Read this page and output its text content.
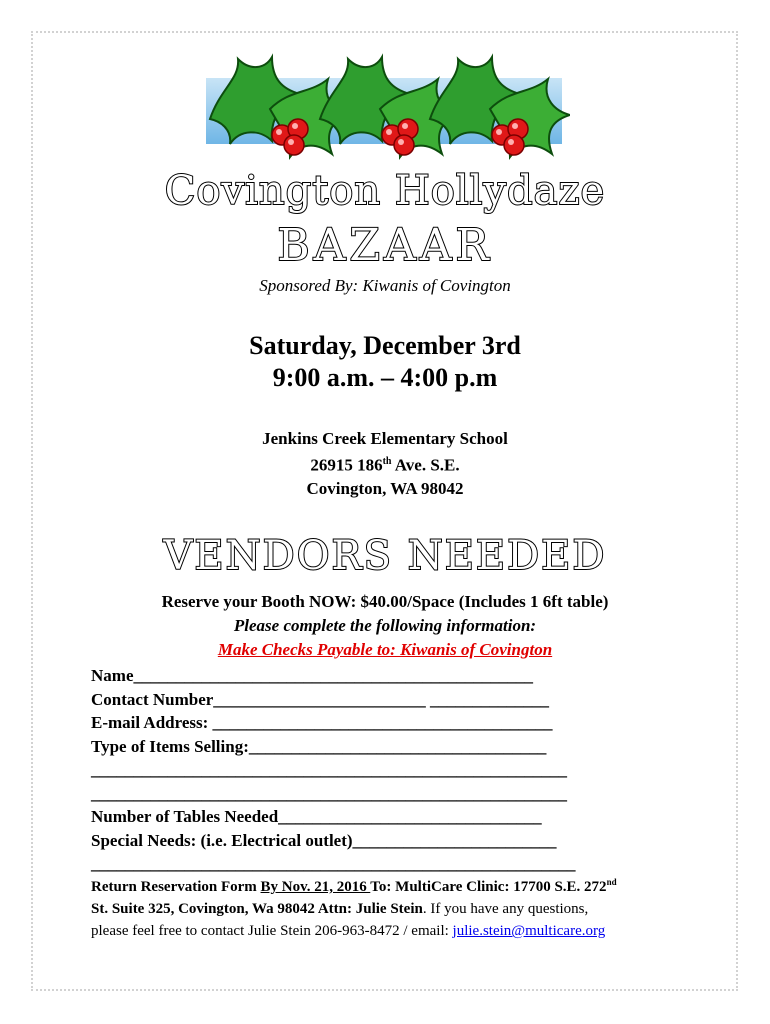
Covington Hollydaze
BAZAAR
Sponsored By: Kiwanis of Covington
Saturday, December 3rd
9:00 a.m. – 4:00 p.m
Jenkins Creek Elementary School
26915 186th Ave. S.E.
Covington, WA 98042
VENDORS NEEDED
Reserve your Booth NOW: $40.00/Space (Includes 1 6ft table)
Please complete the following information:
Make Checks Payable to: Kiwanis of Covington
Name_______________________________________________
Contact Number_________________________ ______________
E-mail Address: ________________________________________
Type of Items Selling:___________________________________
________________________________________________________
________________________________________________________
Number of Tables Needed_______________________________
Special Needs: (i.e. Electrical outlet)________________________
_________________________________________________________
Return Reservation Form By Nov. 21, 2016 To: MultiCare Clinic: 17700 S.E. 272nd
St. Suite 325, Covington, Wa 98042 Attn: Julie Stein. If you have any questions,
please feel free to contact Julie Stein 206-963-8472 / email: julie.stein@multicare.org
